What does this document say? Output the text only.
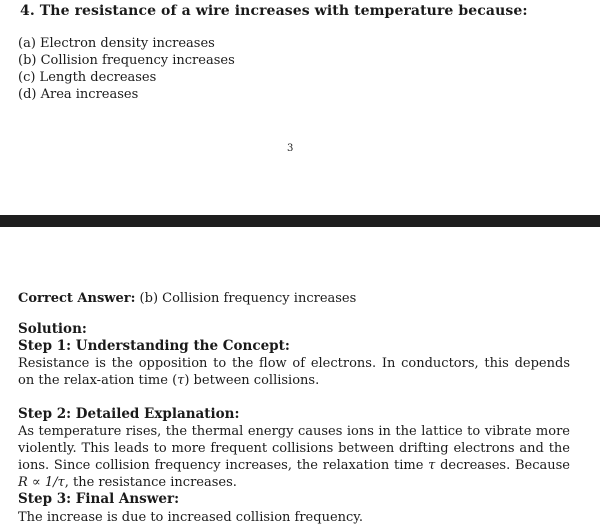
4. The resistance of a wire increases with temperature because:
(a) Electron density increases
(b) Collision frequency increases
(c) Length decreases
(d) Area increases
3
Correct Answer: (b) Collision frequency increases
Solution:
Step 1: Understanding the Concept:
Resistance is the opposition to the flow of electrons. In conductors, this depends on the relax-ation time (τ) between collisions.
Step 2: Detailed Explanation:
As temperature rises, the thermal energy causes ions in the lattice to vibrate more violently. This leads to more frequent collisions between drifting electrons and the ions. Since collision frequency increases, the relaxation time τ decreases. Because R ∝ 1/τ, the resistance increases.
Step 3: Final Answer:
The increase is due to increased collision frequency.
